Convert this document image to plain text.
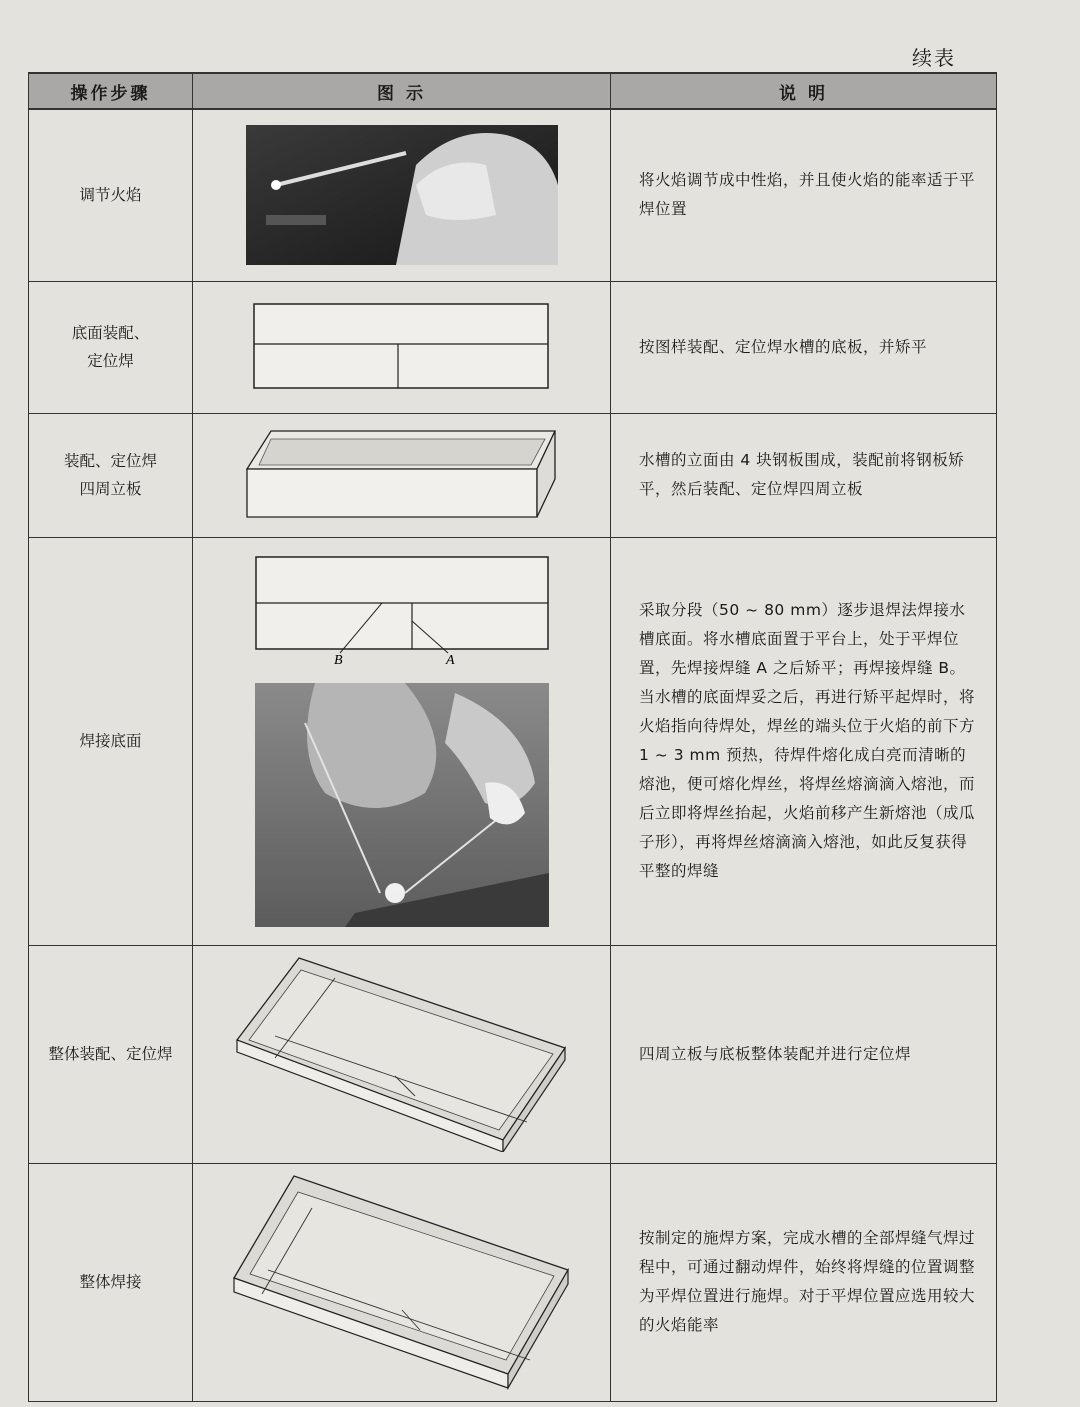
续表
操作步骤	图 示	说 明
调节火焰		将火焰调节成中性焰，并且使火焰的能率适于平焊位置
底面装配、
定位焊		按图样装配、定位焊水槽的底板，并矫平
装配、定位焊
四周立板		水槽的立面由 4 块钢板围成，装配前将钢板矫平，然后装配、定位焊四周立板
焊接底面	B A	采取分段（50 ~ 80 mm）逐步退焊法焊接水槽底面。将水槽底面置于平台上，处于平焊位置，先焊接焊缝 A 之后矫平；再焊接焊缝 B。当水槽的底面焊妥之后，再进行矫平起焊时，将火焰指向待焊处，焊丝的端头位于火焰的前下方 1 ~ 3 mm 预热，待焊件熔化成白亮而清晰的熔池，便可熔化焊丝，将焊丝熔滴滴入熔池，而后立即将焊丝抬起，火焰前移产生新熔池（成瓜子形），再将焊丝熔滴滴入熔池，如此反复获得平整的焊缝
整体装配、定位焊		四周立板与底板整体装配并进行定位焊
整体焊接		按制定的施焊方案，完成水槽的全部焊缝气焊过程中，可通过翻动焊件，始终将焊缝的位置调整为平焊位置进行施焊。对于平焊位置应选用较大的火焰能率
